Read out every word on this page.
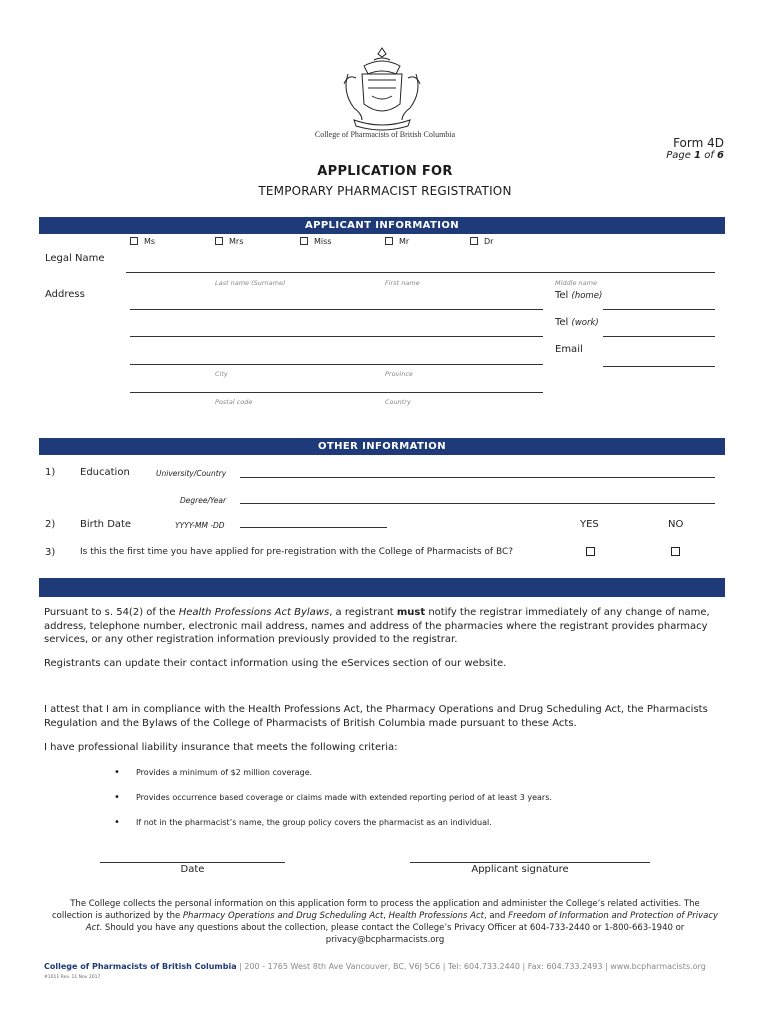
College of Pharmacists of British Columbia
Form 4D
Page 1 of 6
APPLICATION FOR
TEMPORARY PHARMACIST REGISTRATION
APPLICANT INFORMATION
Ms	Mrs	Miss	Mr	Dr
Legal Name
Last name (Surname)	First name	Middle name
Address
City	Province
Postal code	Country
Tel (home)
Tel (work)
Email
OTHER INFORMATION
1) Education	University/Country
Degree/Year
2) Birth Date	YYYY-MM -DD	YES	NO
3)	Is this the first time you have applied for pre-registration with the College of Pharmacists of BC?
Pursuant to s. 54(2) of the Health Professions Act Bylaws, a registrant must notify the registrar immediately of any change of name, address, telephone number, electronic mail address, names and address of the pharmacies where the registrant provides pharmacy services, or any other registration information previously provided to the registrar.
Registrants can update their contact information using the eServices section of our website.
I attest that I am in compliance with the Health Professions Act, the Pharmacy Operations and Drug Scheduling Act, the Pharmacists Regulation and the Bylaws of the College of Pharmacists of British Columbia made pursuant to these Acts.
I have professional liability insurance that meets the following criteria:
• Provides a minimum of $2 million coverage.
• Provides occurrence based coverage or claims made with extended reporting period of at least 3 years.
• If not in the pharmacist’s name, the group policy covers the pharmacist as an individual.
Date	Applicant signature
The College collects the personal information on this application form to process the application and administer the College’s related activities. The collection is authorized by the Pharmacy Operations and Drug Scheduling Act, Health Professions Act, and Freedom of Information and Protection of Privacy Act. Should you have any questions about the collection, please contact the College’s Privacy Officer at 604-733-2440 or 1-800-663-1940 or privacy@bcpharmacists.org
College of Pharmacists of British Columbia | 200 - 1765 West 8th Ave Vancouver, BC, V6J 5C6 | Tel: 604.733.2440 | Fax: 604.733.2493 | www.bcpharmacists.org
#1011 Rev. 11 Nov 2017
